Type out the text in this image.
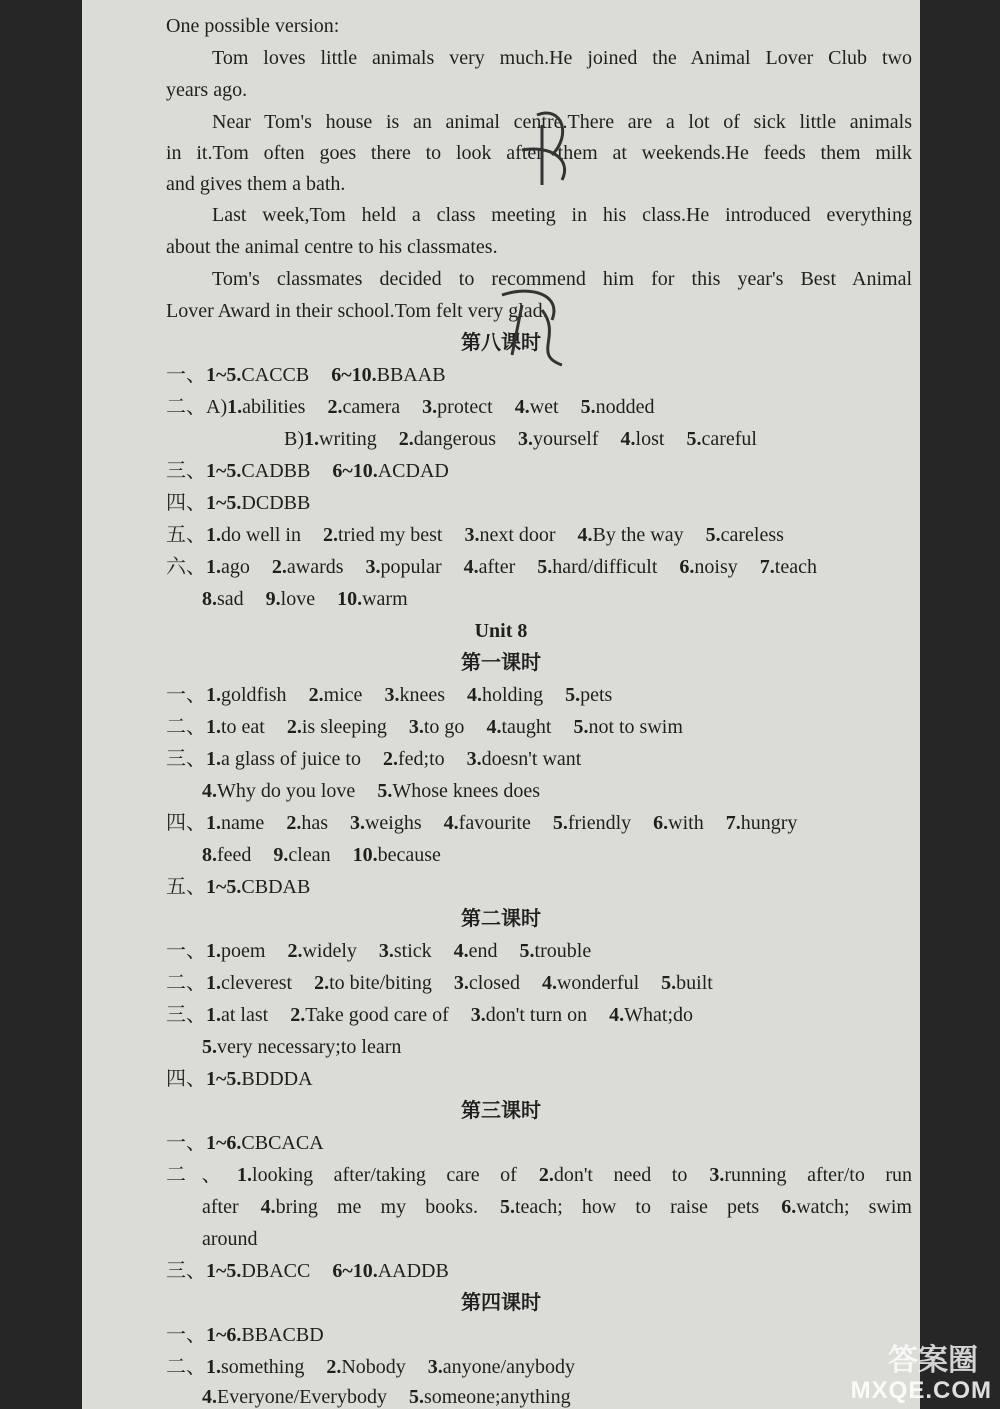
One possible version:
Tom loves little animals very much.He joined the Animal Lover Club two
years ago.
Near Tom's house is an animal centre.There are a lot of sick little animals
in it.Tom often goes there to look after them at weekends.He feeds them milk
and gives them a bath.
Last week,Tom held a class meeting in his class.He introduced everything
about the animal centre to his classmates.
Tom's classmates decided to recommend him for this year's Best Animal
Lover Award in their school.Tom felt very glad.
第八课时
一、1~5.CACCB 6~10.BBAAB
二、A)1.abilities 2.camera 3.protect 4.wet 5.nodded
B)1.writing 2.dangerous 3.yourself 4.lost 5.careful
三、1~5.CADBB 6~10.ACDAD
四、1~5.DCDBB
五、1.do well in 2.tried my best 3.next door 4.By the way 5.careless
六、1.ago 2.awards 3.popular 4.after 5.hard/difficult 6.noisy 7.teach
8.sad 9.love 10.warm
Unit 8
第一课时
一、1.goldfish 2.mice 3.knees 4.holding 5.pets
二、1.to eat 2.is sleeping 3.to go 4.taught 5.not to swim
三、1.a glass of juice to 2.fed;to 3.doesn't want
4.Why do you love 5.Whose knees does
四、1.name 2.has 3.weighs 4.favourite 5.friendly 6.with 7.hungry
8.feed 9.clean 10.because
五、1~5.CBDAB
第二课时
一、1.poem 2.widely 3.stick 4.end 5.trouble
二、1.cleverest 2.to bite/biting 3.closed 4.wonderful 5.built
三、1.at last 2.Take good care of 3.don't turn on 4.What;do
5.very necessary;to learn
四、1~5.BDDDA
第三课时
一、1~6.CBCACA
二、1.looking after/taking care of 2.don't need to 3.running after/to run
after 4.bring me my books. 5.teach; how to raise pets 6.watch; swim
around
三、1~5.DBACC 6~10.AADDB
第四课时
一、1~6.BBACBD
二、1.something 2.Nobody 3.anyone/anybody
4.Everyone/Everybody 5.someone;anything
答案圈
MXQE.COM
